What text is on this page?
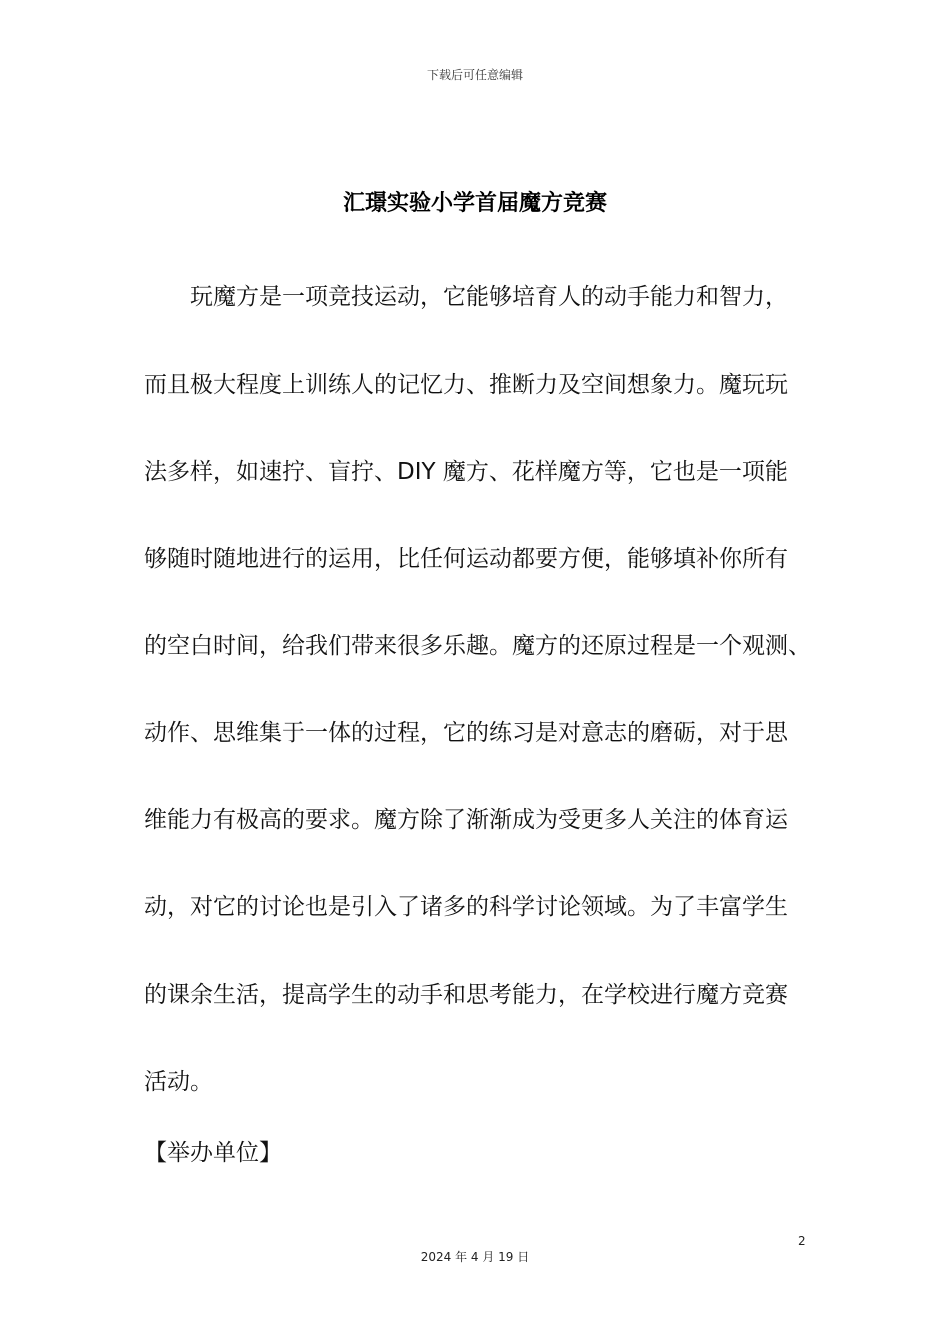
下载后可任意编辑
汇璟实验小学首届魔方竞赛
玩魔方是一项竞技运动，它能够培育人的动手能力和智力，
而且极大程度上训练人的记忆力、推断力及空间想象力。魔玩玩
法多样，如速拧、盲拧、DIY 魔方、花样魔方等，它也是一项能
够随时随地进行的运用，比任何运动都要方便，能够填补你所有
的空白时间，给我们带来很多乐趣。魔方的还原过程是一个观测、
动作、思维集于一体的过程，它的练习是对意志的磨砺，对于思
维能力有极高的要求。魔方除了渐渐成为受更多人关注的体育运
动，对它的讨论也是引入了诸多的科学讨论领域。为了丰富学生
的课余生活，提高学生的动手和思考能力，在学校进行魔方竞赛
活动。
【举办单位】
2
2024 年 4 月 19 日
